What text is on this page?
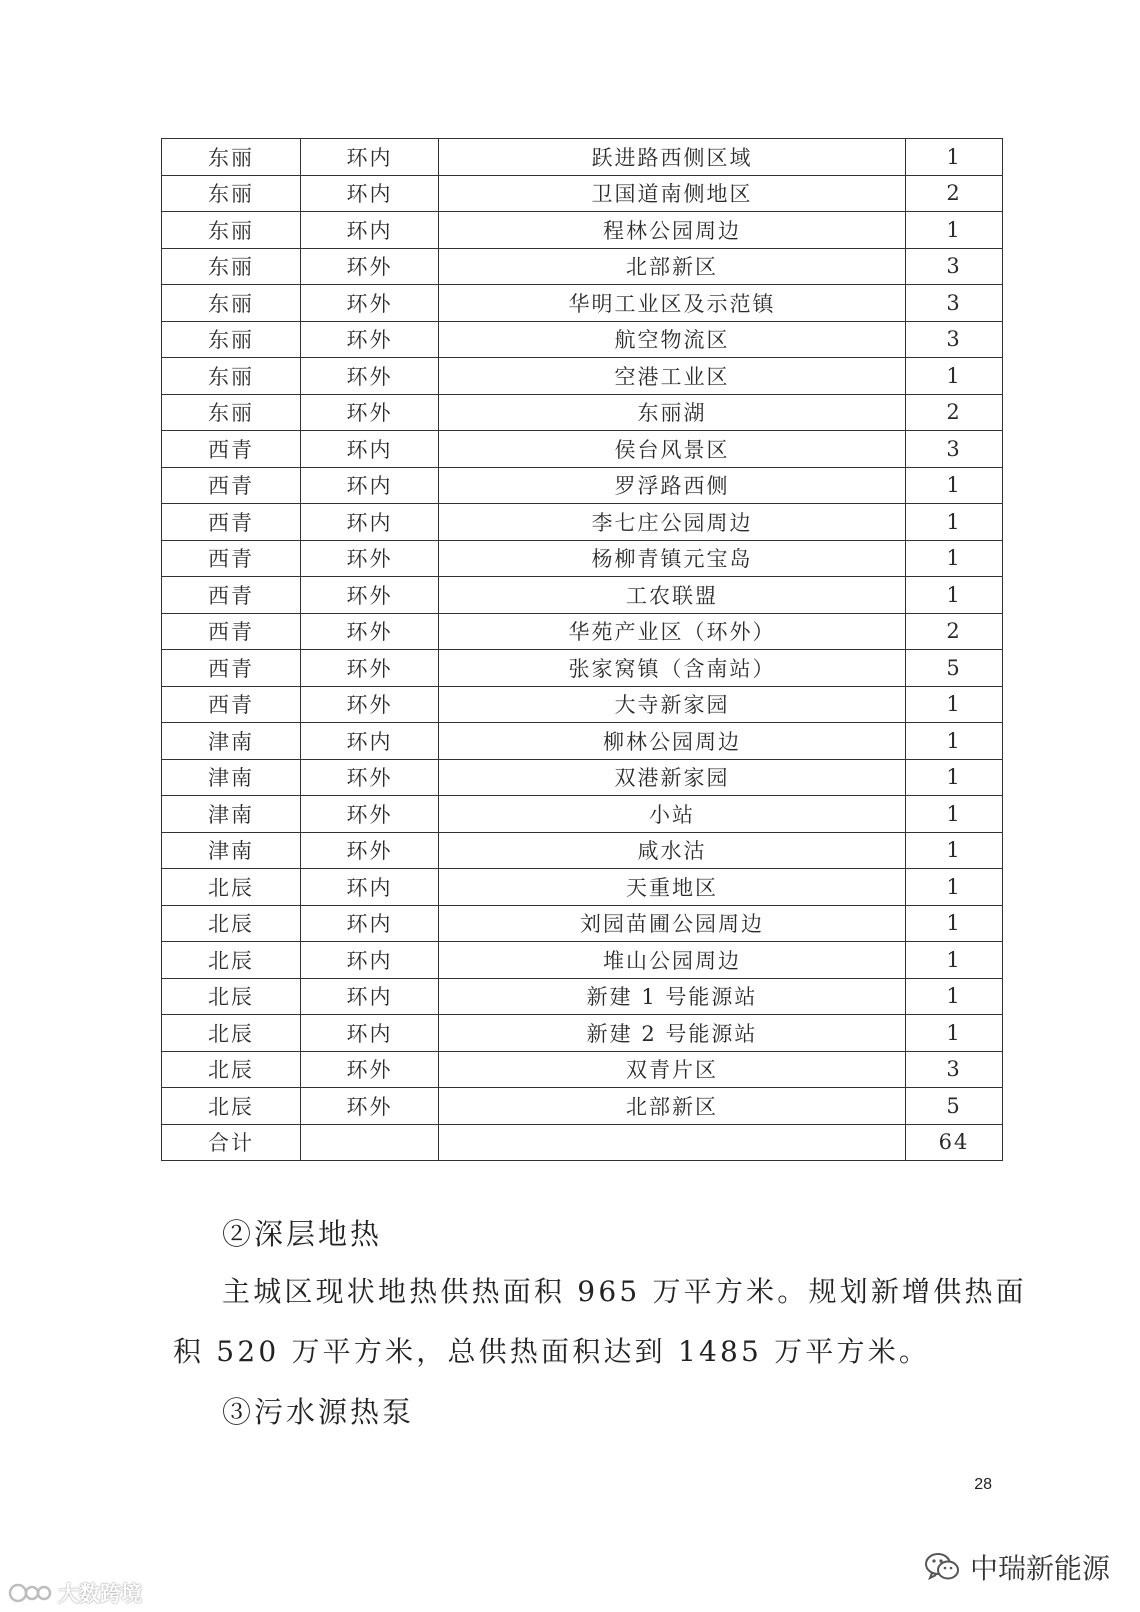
东丽	环内	跃进路西侧区域	1
东丽	环内	卫国道南侧地区	2
东丽	环内	程林公园周边	1
东丽	环外	北部新区	3
东丽	环外	华明工业区及示范镇	3
东丽	环外	航空物流区	3
东丽	环外	空港工业区	1
东丽	环外	东丽湖	2
西青	环内	侯台风景区	3
西青	环内	罗浮路西侧	1
西青	环内	李七庄公园周边	1
西青	环外	杨柳青镇元宝岛	1
西青	环外	工农联盟	1
西青	环外	华苑产业区（环外）	2
西青	环外	张家窝镇（含南站）	5
西青	环外	大寺新家园	1
津南	环内	柳林公园周边	1
津南	环外	双港新家园	1
津南	环外	小站	1
津南	环外	咸水沽	1
北辰	环内	天重地区	1
北辰	环内	刘园苗圃公园周边	1
北辰	环内	堆山公园周边	1
北辰	环内	新建 1 号能源站	1
北辰	环内	新建 2 号能源站	1
北辰	环外	双青片区	3
北辰	环外	北部新区	5
合计			64
②深层地热
主城区现状地热供热面积 965 万平方米。规划新增供热面
积 520 万平方米，总供热面积达到 1485 万平方米。
③污水源热泵
28
大数跨境
中瑞新能源
